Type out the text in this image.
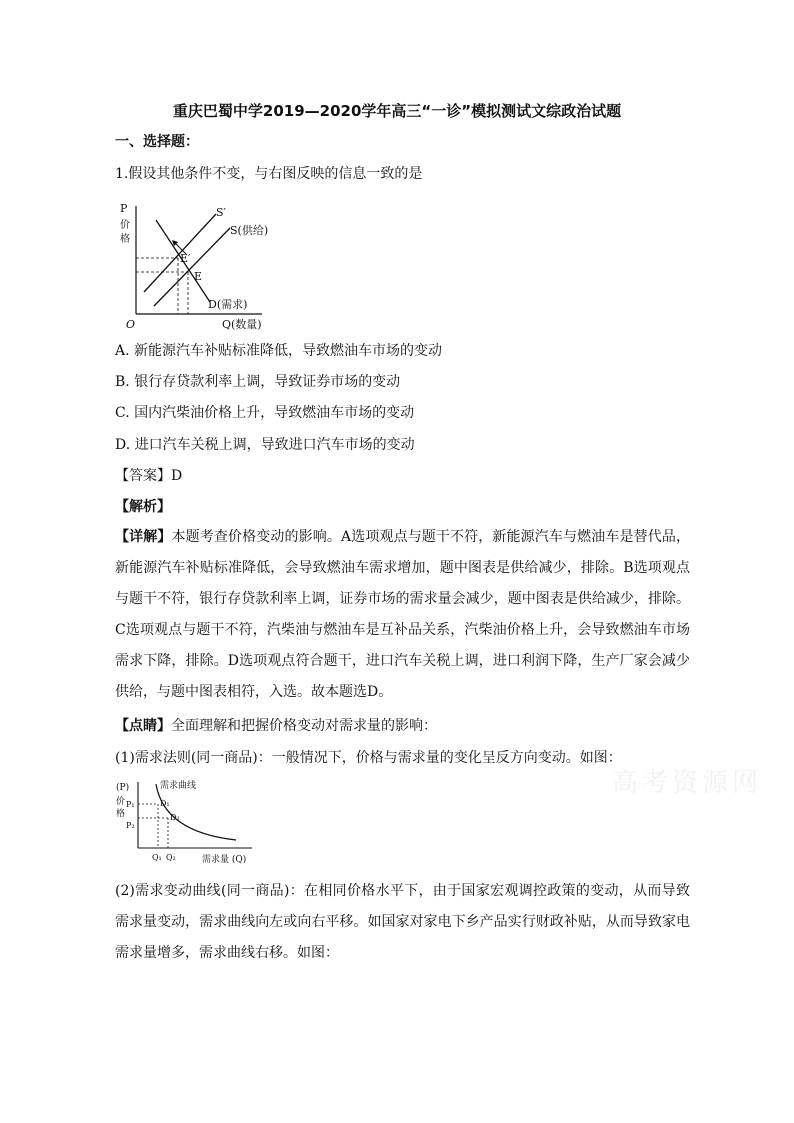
重庆巴蜀中学2019—2020学年高三“一诊”模拟测试文综政治试题
一、选择题：
1.假设其他条件不变，与右图反映的信息一致的是
P
价
格
O	Q(数量)
S′
S(供给)
E′
E
D(需求)
A. 新能源汽车补贴标准降低，导致燃油车市场的变动
B. 银行存贷款利率上调，导致证券市场的变动
C. 国内汽柴油价格上升，导致燃油车市场的变动
D. 进口汽车关税上调，导致进口汽车市场的变动
【答案】D
【解析】
【详解】本题考查价格变动的影响。A选项观点与题干不符，新能源汽车与燃油车是替代品，新能源汽车补贴标准降低，会导致燃油车需求增加，题中图表是供给减少，排除。B选项观点与题干不符，银行存贷款利率上调，证券市场的需求量会减少，题中图表是供给减少，排除。C选项观点与题干不符，汽柴油与燃油车是互补品关系，汽柴油价格上升，会导致燃油车市场需求下降，排除。D选项观点符合题干，进口汽车关税上调，进口利润下降，生产厂家会减少供给，与题中图表相符，入选。故本题选D。
【点睛】全面理解和把握价格变动对需求量的影响：
(1)需求法则(同一商品)：一般情况下，价格与需求量的变化呈反方向变动。如图：
(P)
价
格
P₁
P₂
需求曲线
D₁
D₂
Q₁ Q₂	需求量 (Q)
高考资源网
(2)需求变动曲线(同一商品)：在相同价格水平下，由于国家宏观调控政策的变动，从而导致需求量变动，需求曲线向左或向右平移。如国家对家电下乡产品实行财政补贴，从而导致家电需求量增多，需求曲线右移。如图：
